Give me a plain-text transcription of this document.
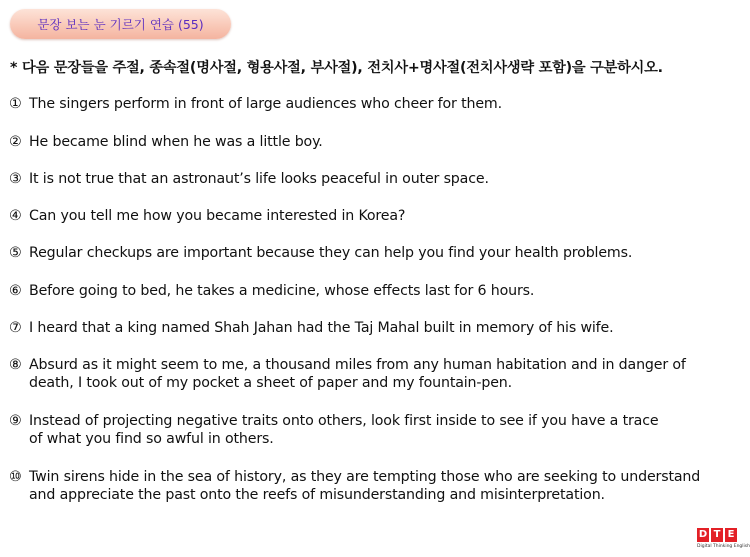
문장 보는 눈 기르기 연습 (55)
* 다음 문장들을 주절, 종속절(명사절, 형용사절, 부사절), 전치사+명사절(전치사생략 포함)을 구분하시오.
① The singers perform in front of large audiences who cheer for them.
② He became blind when he was a little boy.
③ It is not true that an astronaut’s life looks peaceful in outer space.
④ Can you tell me how you became interested in Korea?
⑤ Regular checkups are important because they can help you find your health problems.
⑥ Before going to bed, he takes a medicine, whose effects last for 6 hours.
⑦ I heard that a king named Shah Jahan had the Taj Mahal built in memory of his wife.
⑧ Absurd as it might seem to me, a thousand miles from any human habitation and in danger of
death, I took out of my pocket a sheet of paper and my fountain-pen.
⑨ Instead of projecting negative traits onto others, look first inside to see if you have a trace
of what you find so awful in others.
⑩ Twin sirens hide in the sea of history, as they are tempting those who are seeking to understand
and appreciate the past onto the reefs of misunderstanding and misinterpretation.
D T E
Digital Thinking English
